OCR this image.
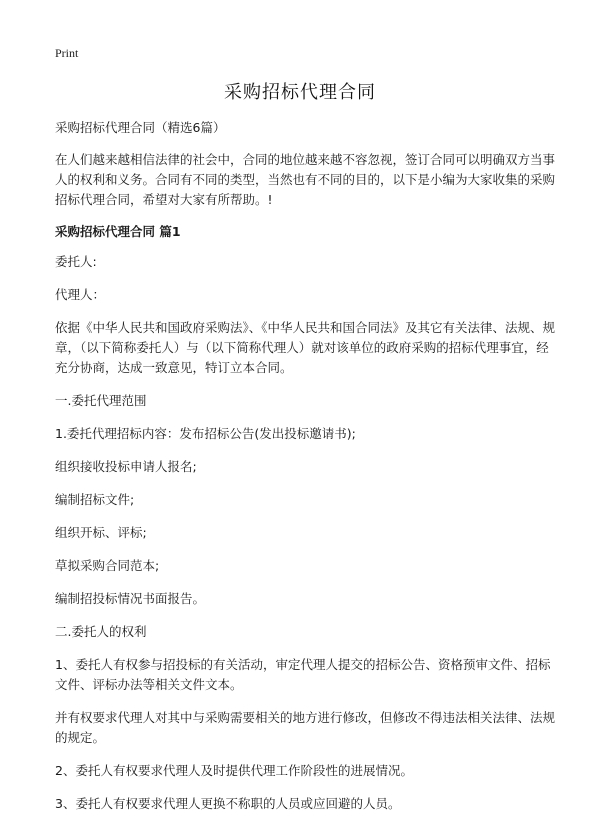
Print
采购招标代理合同

采购招标代理合同（精选6篇）

在人们越来越相信法律的社会中，合同的地位越来越不容忽视，签订合同可以明确双方当事人的权利和义务。合同有不同的类型，当然也有不同的目的，以下是小编为大家收集的采购招标代理合同，希望对大家有所帮助。!

采购招标代理合同 篇1

委托人:

代理人：

依据《中华人民共和国政府采购法》、《中华人民共和国合同法》及其它有关法律、法规、规章，（以下简称委托人）与（以下简称代理人）就对该单位的政府采购的招标代理事宜，经充分协商，达成一致意见，特订立本合同。

一.委托代理范围

1.委托代理招标内容：发布招标公告(发出投标邀请书);

组织接收投标申请人报名;

编制招标文件;

组织开标、评标;

草拟采购合同范本;

编制招投标情况书面报告。

二.委托人的权利

1、委托人有权参与招投标的有关活动，审定代理人提交的招标公告、资格预审文件、招标文件、评标办法等相关文件文本。

并有权要求代理人对其中与采购需要相关的地方进行修改，但修改不得违法相关法律、法规的规定。

2、委托人有权要求代理人及时提供代理工作阶段性的进展情况。

3、委托人有权要求代理人更换不称职的人员或应回避的人员。
